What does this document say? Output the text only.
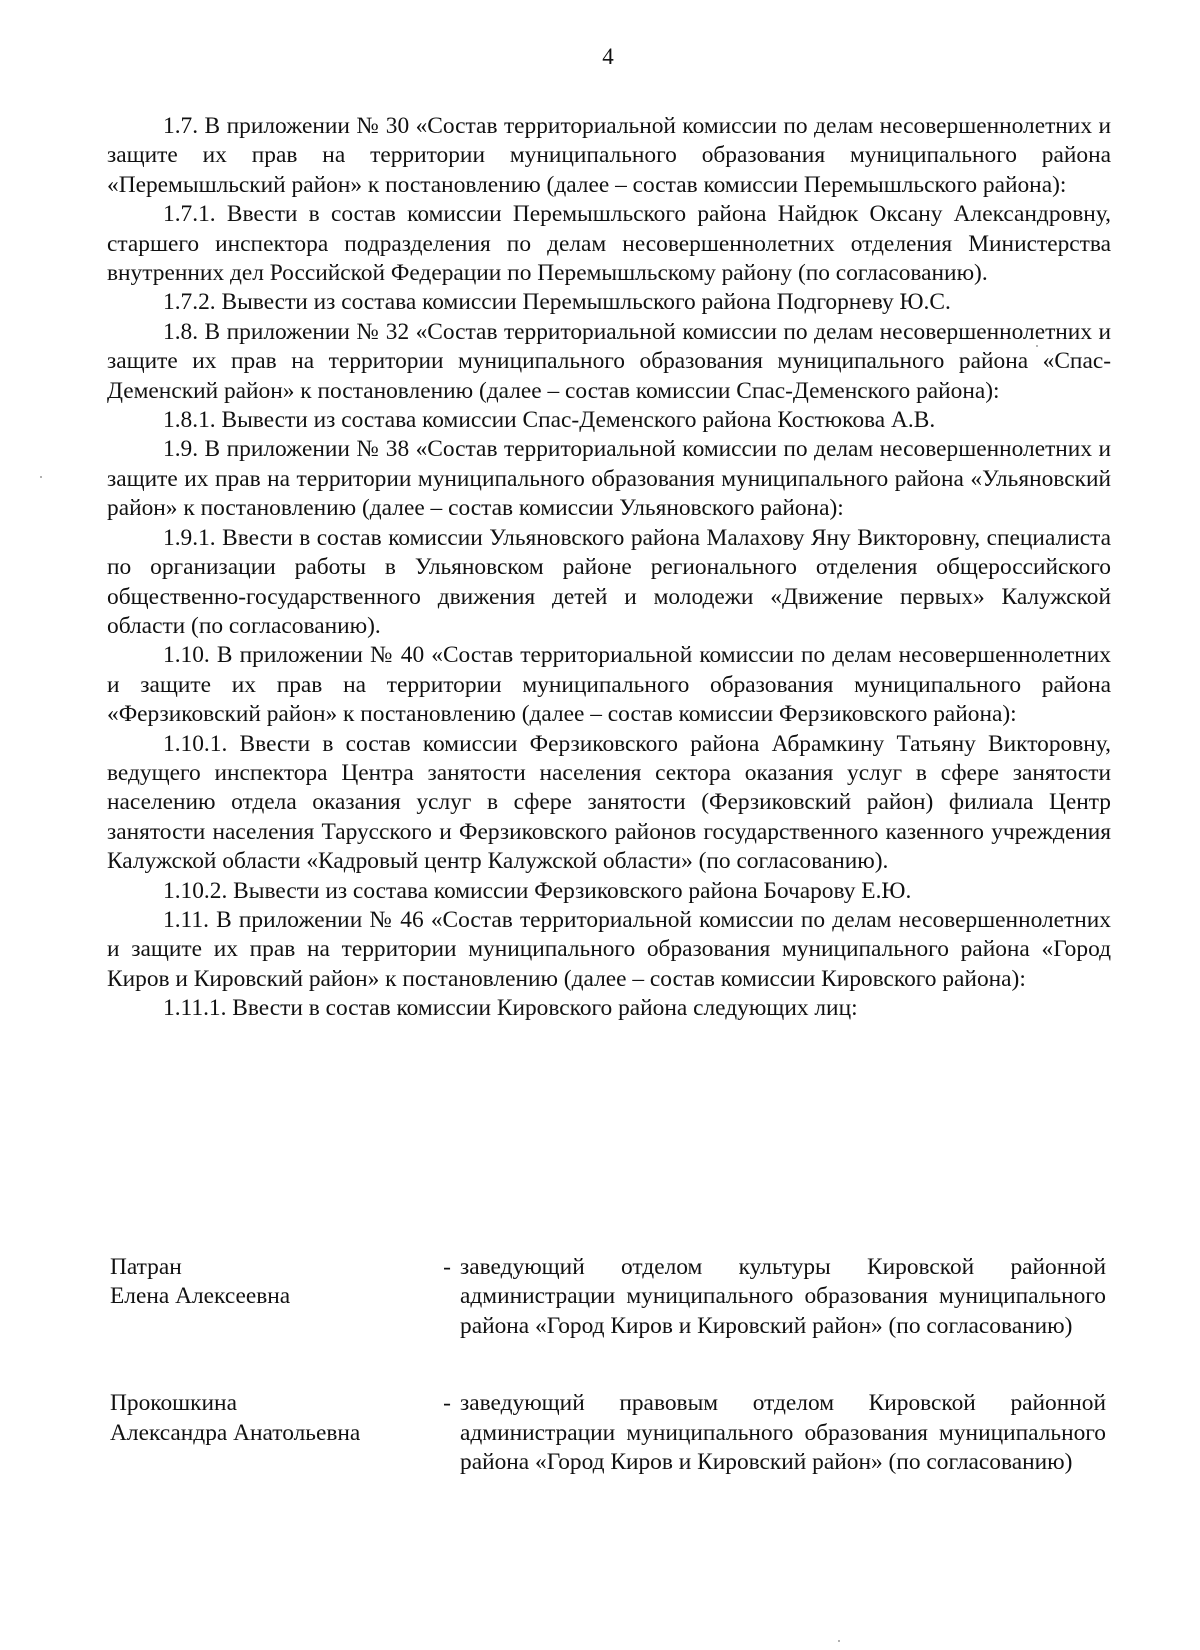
4

1.7. В приложении № 30 «Состав территориальной комиссии по делам несовершеннолетних и защите их прав на территории муниципального образования муниципального района «Перемышльский район» к постановлению (далее – состав комиссии Перемышльского района):

1.7.1. Ввести в состав комиссии Перемышльского района Найдюк Оксану Александровну, старшего инспектора подразделения по делам несовершеннолетних отделения Министерства внутренних дел Российской Федерации по Перемышльскому району (по согласованию).

1.7.2. Вывести из состава комиссии Перемышльского района Подгорневу Ю.С.

1.8. В приложении № 32 «Состав территориальной комиссии по делам несовершеннолетних и защите их прав на территории муниципального образования муниципального района «Спас-Деменский район» к постановлению (далее – состав комиссии Спас-Деменского района):

1.8.1. Вывести из состава комиссии Спас-Деменского района Костюкова А.В.

1.9. В приложении № 38 «Состав территориальной комиссии по делам несовершеннолетних и защите их прав на территории муниципального образования муниципального района «Ульяновский район» к постановлению (далее – состав комиссии Ульяновского района):

1.9.1. Ввести в состав комиссии Ульяновского района Малахову Яну Викторовну, специалиста по организации работы в Ульяновском районе регионального отделения общероссийского общественно-государственного движения детей и молодежи «Движение первых» Калужской области (по согласованию).

1.10. В приложении № 40 «Состав территориальной комиссии по делам несовершеннолетних и защите их прав на территории муниципального образования муниципального района «Ферзиковский район» к постановлению (далее – состав комиссии Ферзиковского района):

1.10.1. Ввести в состав комиссии Ферзиковского района Абрамкину Татьяну Викторовну, ведущего инспектора Центра занятости населения сектора оказания услуг в сфере занятости населению отдела оказания услуг в сфере занятости (Ферзиковский район) филиала Центр занятости населения Тарусского и Ферзиковского районов государственного казенного учреждения Калужской области «Кадровый центр Калужской области» (по согласованию).

1.10.2. Вывести из состава комиссии Ферзиковского района Бочарову Е.Ю.

1.11. В приложении № 46 «Состав территориальной комиссии по делам несовершеннолетних и защите их прав на территории муниципального образования муниципального района «Город Киров и Кировский район» к постановлению (далее – состав комиссии Кировского района):

1.11.1. Ввести в состав комиссии Кировского района следующих лиц:

Патран
Елена Алексеевна
- заведующий отделом культуры Кировской районной администрации муниципального образования муниципального района «Город Киров и Кировский район» (по согласованию)
Прокошкина
Александра Анатольевна
- заведующий правовым отделом Кировской районной администрации муниципального образования муниципального района «Город Киров и Кировский район» (по согласованию)
